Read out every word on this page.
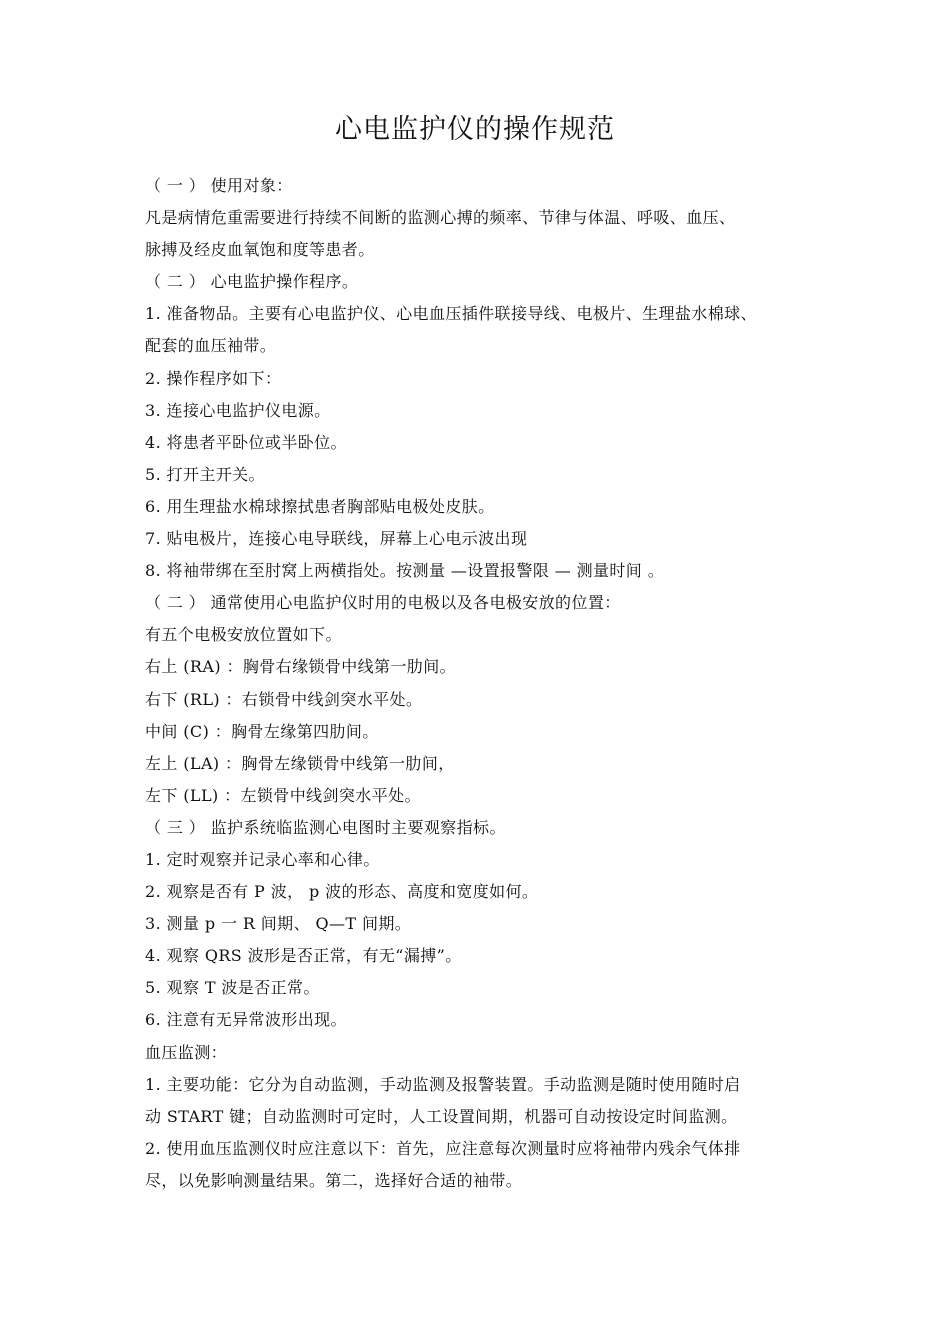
心电监护仪的操作规范
（ 一 ） 使用对象：
凡是病情危重需要进行持续不间断的监测心搏的频率、节律与体温、呼吸、血压、
脉搏及经皮血氧饱和度等患者。
（ 二 ） 心电监护操作程序。
1. 准备物品。主要有心电监护仪、心电血压插件联接导线、电极片、生理盐水棉球、
配套的血压袖带。
2. 操作程序如下：
3. 连接心电监护仪电源。
4. 将患者平卧位或半卧位。
5. 打开主开关。
6. 用生理盐水棉球擦拭患者胸部贴电极处皮肤。
7. 贴电极片，连接心电导联线，屏幕上心电示波出现
8. 将袖带绑在至肘窝上两横指处。按测量 —设置报警限 — 测量时间 。
（ 二 ） 通常使用心电监护仪时用的电极以及各电极安放的位置：
有五个电极安放位置如下。
右上 (RA) ：胸骨右缘锁骨中线第一肋间。
右下 (RL) ：右锁骨中线剑突水平处。
中间 (C) ：胸骨左缘第四肋间。
左上 (LA) ：胸骨左缘锁骨中线第一肋间，
左下 (LL) ：左锁骨中线剑突水平处。
（ 三 ） 监护系统临监测心电图时主要观察指标。
1. 定时观察并记录心率和心律。
2. 观察是否有 P 波， p 波的形态、高度和宽度如何。
3. 测量 p 一 R 间期、 Q—T 间期。
4. 观察 QRS 波形是否正常，有无“漏搏”。
5. 观察 T 波是否正常。
6. 注意有无异常波形出现。
血压监测：
1. 主要功能：它分为自动监测，手动监测及报警装置。手动监测是随时使用随时启
动 START 键；自动监测时可定时，人工设置间期，机器可自动按设定时间监测。
2. 使用血压监测仪时应注意以下：首先，应注意每次测量时应将袖带内残余气体排
尽，以免影响测量结果。第二，选择好合适的袖带。
